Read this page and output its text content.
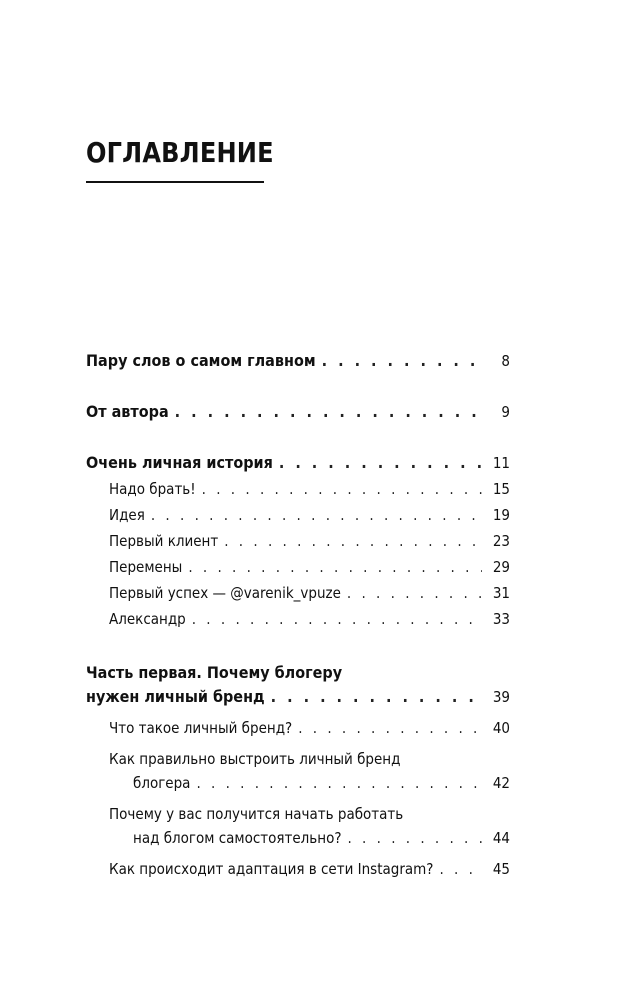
ОГЛАВЛЕНИЕ
Пару слов о самом главном . . .	8
От автора . . .	9
Очень личная история . . .	11
Надо брать! . . .	15
Идея . . .	19
Первый клиент . . .	23
Перемены . . .	29
Первый успех — @varenik_vpuze . . .	31
Александр . . .	33
Часть первая. Почему блогеру
нужен личный бренд . . .	39
Что такое личный бренд? . . .	40
Как правильно выстроить личный бренд
блогера . . .	42
Почему у вас получится начать работать
над блогом самостоятельно? . . .	44
Как происходит адаптация в сети Instagram? . . .	45
